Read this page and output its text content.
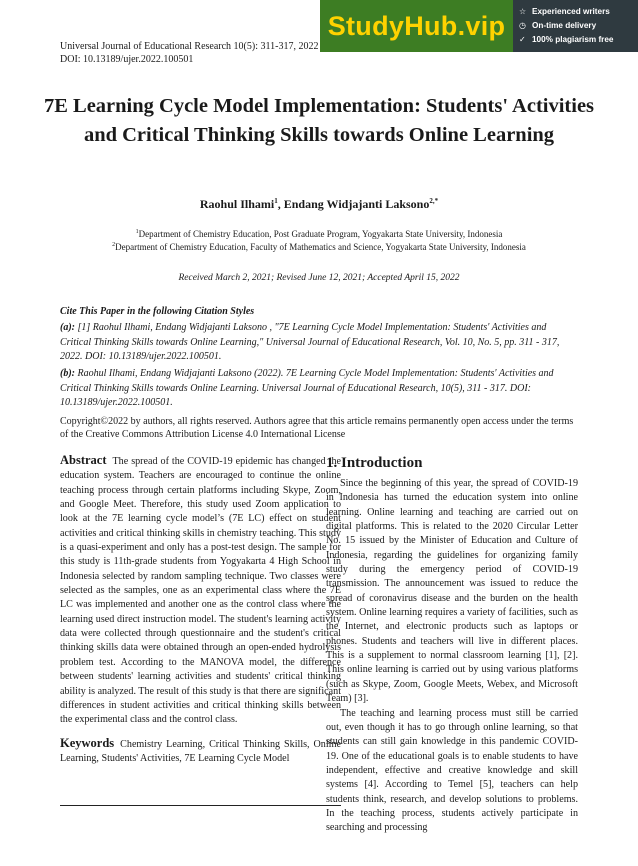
StudyHub.vip ☆ Experienced writers
◷ On-time delivery
✓ 100% plagiarism free
Universal Journal of Educational Research 10(5): 311-317, 2022
DOI: 10.13189/ujer.2022.100501
7E Learning Cycle Model Implementation: Students' Activities and Critical Thinking Skills towards Online Learning
Raohul Ilhami$^1$, Endang Widjajanti Laksono$^{2,*}$
$^1$Department of Chemistry Education, Post Graduate Program, Yogyakarta State University, Indonesia
$^2$Department of Chemistry Education, Faculty of Mathematics and Science, Yogyakarta State University, Indonesia
Received March 2, 2021; Revised June 12, 2021; Accepted April 15, 2022
Cite This Paper in the following Citation Styles
(a): [1] Raohul Ilhami, Endang Widjajanti Laksono , "7E Learning Cycle Model Implementation: Students' Activities and Critical Thinking Skills towards Online Learning," Universal Journal of Educational Research, Vol. 10, No. 5, pp. 311 - 317, 2022. DOI: 10.13189/ujer.2022.100501.
(b): Raohul Ilhami, Endang Widjajanti Laksono (2022). 7E Learning Cycle Model Implementation: Students' Activities and Critical Thinking Skills towards Online Learning. Universal Journal of Educational Research, 10(5), 311 - 317. DOI: 10.13189/ujer.2022.100501.
Copyright©2022 by authors, all rights reserved. Authors agree that this article remains permanently open access under the terms of the Creative Commons Attribution License 4.0 International License
Abstract The spread of the COVID-19 epidemic has changed the education system. Teachers are encouraged to continue the online teaching process through certain platforms including Skype, Zoom, and Google Meet. Therefore, this study used Zoom application to look at the 7E learning cycle model’s (7E LC) effect on student activities and critical thinking skills in chemistry teaching. This study is a quasi-experiment and only has a post-test design. The sample for this study is 11th-grade students from Yogyakarta 4 High School in Indonesia selected by random sampling technique. Two classes were selected as the samples, one as an experimental class where the 7E LC was implemented and another one as the control class where the learning used direct instruction model. The student's learning activity data were collected through questionnaire and the student's critical thinking skills data were obtained through an open-ended hydrolysis problem test. According to the MANOVA model, the difference between students' learning activities and students' critical thinking ability is analyzed. The result of this study is that there are significant differences in student activities and critical thinking skills between the experimental class and the control class.
Keywords Chemistry Learning, Critical Thinking Skills, Online Learning, Students' Activities, 7E Learning Cycle Model
1. Introduction

Since the beginning of this year, the spread of COVID-19 in Indonesia has turned the education system into online learning. Online learning and teaching are carried out on digital platforms. This is related to the 2020 Circular Letter No. 15 issued by the Minister of Education and Culture of Indonesia, regarding the guidelines for organizing family study during the emergency period of COVID-19 transmission. The announcement was issued to reduce the spread of coronavirus disease and the burden on the health system. Online learning requires a variety of facilities, such as the Internet, and electronic products such as laptops or phones. Students and teachers will live in different places. This is a supplement to normal classroom learning [1], [2]. This online learning is carried out by using various platforms (such as Skype, Zoom, Google Meets, Webex, and Microsoft Team) [3].

The teaching and learning process must still be carried out, even though it has to go through online learning, so that students can still gain knowledge in this pandemic COVID-19. One of the educational goals is to enable students to have independent, effective and creative knowledge and skill systems [4]. According to Temel [5], teachers can help students think, research, and develop solutions to problems. In the teaching process, students actively participate in searching and processing
